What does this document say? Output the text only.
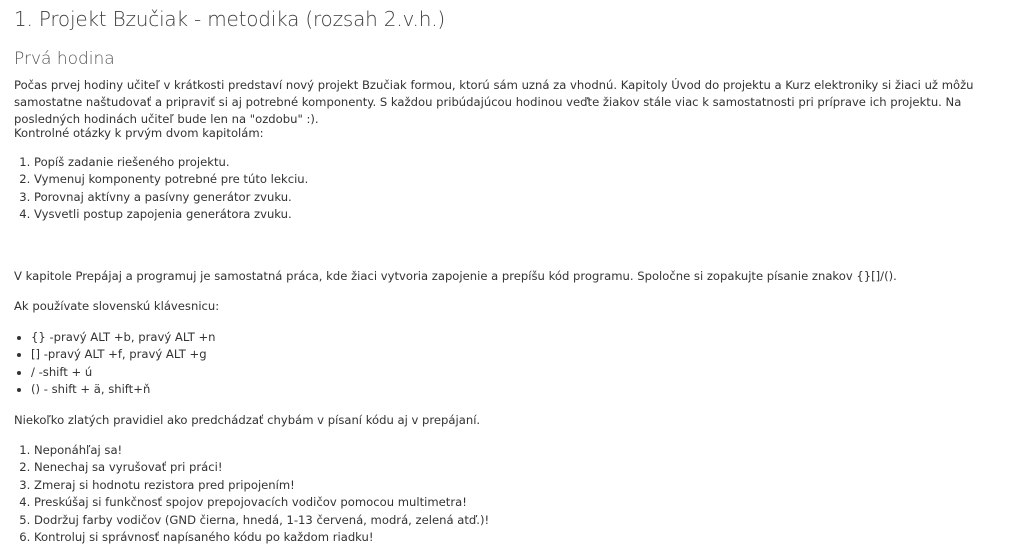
1. Projekt Bzučiak - metodika (rozsah 2.v.h.)
Prvá hodina

Počas prvej hodiny učiteľ v krátkosti predstaví nový projekt Bzučiak formou, ktorú sám uzná za vhodnú. Kapitoly Úvod do projektu a Kurz elektroniky si žiaci už môžu samostatne naštudovať a pripraviť si aj potrebné komponenty. S každou pribúdajúcou hodinou veďte žiakov stále viac k samostatnosti pri príprave ich projektu. Na posledných hodinách učiteľ bude len na "ozdobu" :).

Kontrolné otázky k prvým dvom kapitolám:

1. Popíš zadanie riešeného projektu.
2. Vymenuj komponenty potrebné pre túto lekciu.
3. Porovnaj aktívny a pasívny generátor zvuku.
4. Vysvetli postup zapojenia generátora zvuku.

V kapitole Prepájaj a programuj je samostatná práca, kde žiaci vytvoria zapojenie a prepíšu kód programu. Spoločne si zopakujte písanie znakov {}[]/().

Ak používate slovenskú klávesnicu:

• {} -pravý ALT +b, pravý ALT +n
• [] -pravý ALT +f, pravý ALT +g
• / -shift + ú
• () - shift + ä, shift+ň

Niekoľko zlatých pravidiel ako predchádzať chybám v písaní kódu aj v prepájaní.

1. Neponáhľaj sa!
2. Nenechaj sa vyrušovať pri práci!
3. Zmeraj si hodnotu rezistora pred pripojením!
4. Preskúšaj si funkčnosť spojov prepojovacích vodičov pomocou multimetra!
5. Dodržuj farby vodičov (GND čierna, hnedá, 1-13 červená, modrá, zelená atď.)!
6. Kontroluj si správnosť napísaného kódu po každom riadku!
